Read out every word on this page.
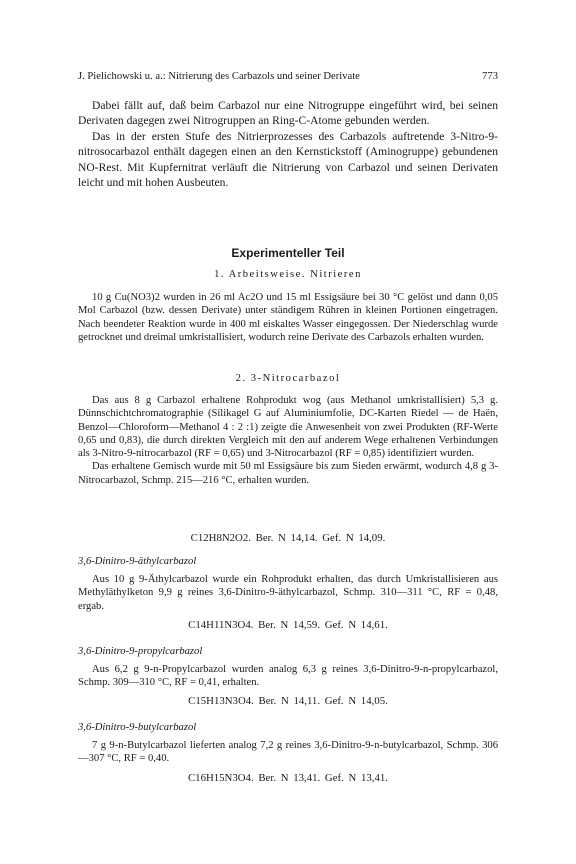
J. Pielichowski u. a.: Nitrierung des Carbazols und seiner Derivate	773

Dabei fällt auf, daß beim Carbazol nur eine Nitrogruppe eingeführt wird, bei seinen Derivaten dagegen zwei Nitrogruppen an Ring-C-Atome gebunden werden.

Das in der ersten Stufe des Nitrierprozesses des Carbazols auftretende 3-Nitro-9-nitrosocarbazol enthält dagegen einen an den Kernstickstoff (Aminogruppe) gebundenen NO-Rest. Mit Kupfernitrat verläuft die Nitrierung von Carbazol und seinen Derivaten leicht und mit hohen Ausbeuten.

Experimenteller Teil
1. Arbeitsweise. Nitrieren

10 g Cu(NO3)2 wurden in 26 ml Ac2O und 15 ml Essigsäure bei 30 °C gelöst und dann 0,05 Mol Carbazol (bzw. dessen Derivate) unter ständigem Rühren in kleinen Portionen eingetragen. Nach beendeter Reaktion wurde in 400 ml eiskaltes Wasser eingegossen. Der Niederschlag wurde getrocknet und dreimal umkristallisiert, wodurch reine Derivate des Carbazols erhalten wurden.

2. 3-Nitrocarbazol

Das aus 8 g Carbazol erhaltene Rohprodukt wog (aus Methanol umkristallisiert) 5,3 g. Dünnschichtchromatographie (Silikagel G auf Aluminiumfolie, DC-Karten Riedel — de Haën, Benzol—Chloroform—Methanol 4 : 2 :1) zeigte die Anwesenheit von zwei Produkten (RF-Werte 0,65 und 0,83), die durch direkten Vergleich mit den auf anderem Wege erhaltenen Verbindungen als 3-Nitro-9-nitrocarbazol (RF = 0,65) und 3-Nitrocarbazol (RF = 0,85) identifiziert wurden.

Das erhaltene Gemisch wurde mit 50 ml Essigsäure bis zum Sieden erwärmt, wodurch 4,8 g 3-Nitrocarbazol, Schmp. 215—216 °C, erhalten wurden.

C12H8N2O2. Ber. N 14,14. Gef. N 14,09.
3,6-Dinitro-9-äthylcarbazol

Aus 10 g 9-Äthylcarbazol wurde ein Rohprodukt erhalten, das durch Umkristallisieren aus Methyläthylketon 9,9 g reines 3,6-Dinitro-9-äthylcarbazol, Schmp. 310—311 °C, RF = 0,48, ergab.

C14H11N3O4. Ber. N 14,59. Gef. N 14,61.
3,6-Dinitro-9-propylcarbazol

Aus 6,2 g 9-n-Propylcarbazol wurden analog 6,3 g reines 3,6-Dinitro-9-n-propylcarbazol, Schmp. 309—310 °C, RF = 0,41, erhalten.

C15H13N3O4. Ber. N 14,11. Gef. N 14,05.
3,6-Dinitro-9-butylcarbazol

7 g 9-n-Butylcarbazol lieferten analog 7,2 g reines 3,6-Dinitro-9-n-butylcarbazol, Schmp. 306—307 °C, RF = 0,40.

C16H15N3O4. Ber. N 13,41. Gef. N 13,41.
